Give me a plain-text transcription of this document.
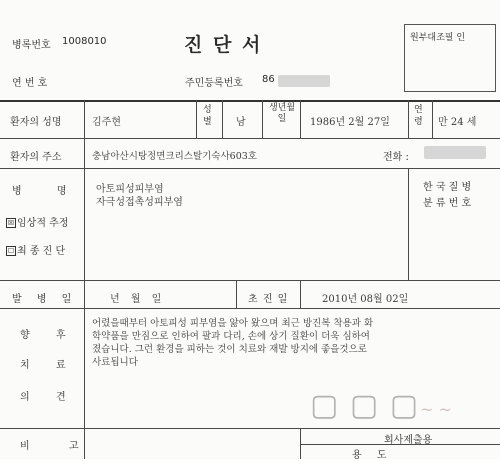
병록번호 1008010
연 번 호
진 단 서
주민등록번호 86
원부대조필 인
환자의 성명	김주현
성별 남
생년월일	1986년 2월 27일
연령 만 24 세
환자의 주소	충남아산시탕정면크리스탈기숙사603호	전화 :
병 명
☒ 임상적 추정
☐ 최 종 진 단
아토피성피부염
자극성접촉성피부염
한 국 질 병
분 류 번 호
발 병 일	년 월 일	초 진 일	2010년 08월 02일
향	후
치	료
의	견
어렸을때부터 아토피성 피부염을 앓아 왔으며 최근 방진복 착용과 화
학약품을 만짐으로 인하여 팔과 다리, 손에 상기 질환이 더욱 심하여
졌습니다. 그런 환경을 피하는 것이 치료와 재발 방지에 좋을것으로
사료됩니다
▢ ▢ ▢ ~ ~
비 고
회사제출용
용 도
